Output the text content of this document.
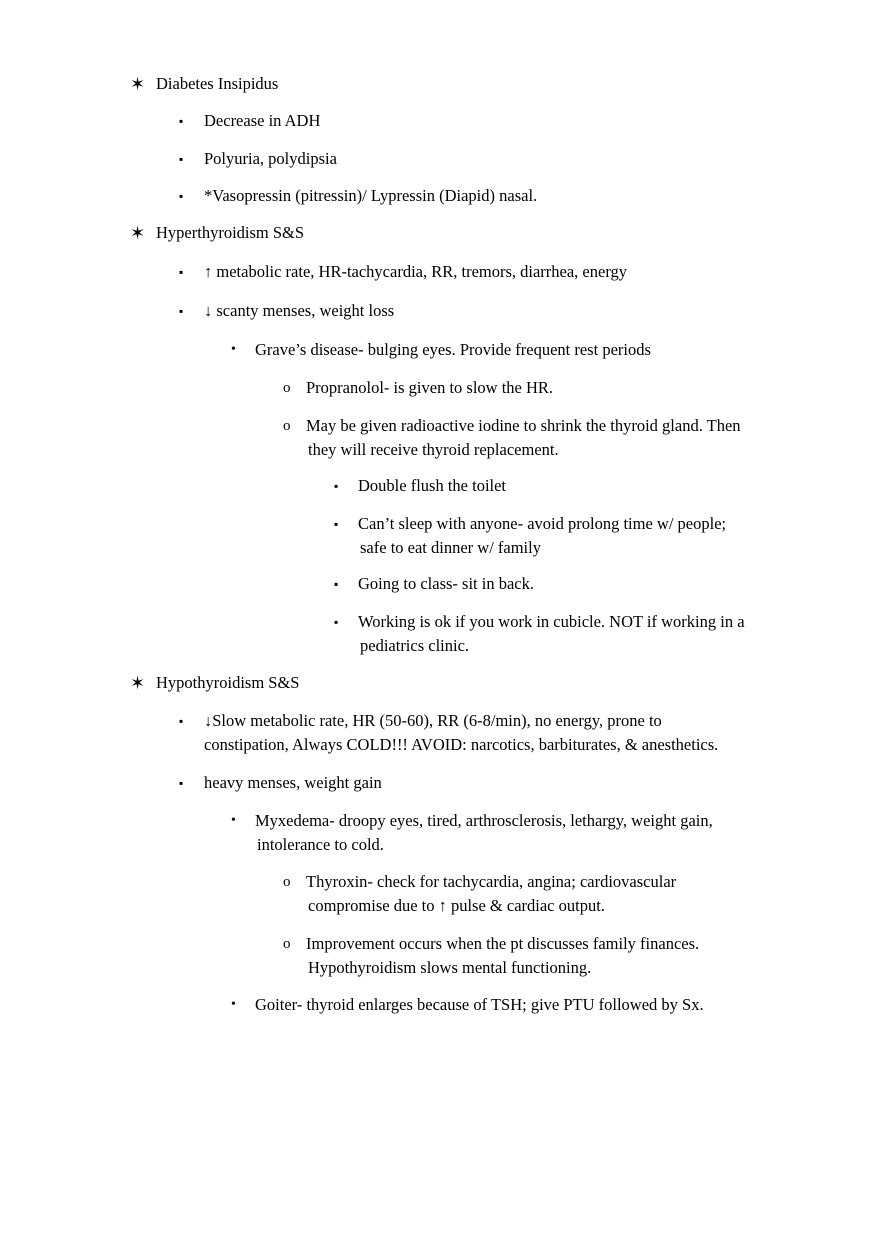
✶ Diabetes Insipidus
▪	Decrease in ADH
▪	Polyuria, polydipsia
▪	*Vasopressin (pitressin)/ Lypressin (Diapid) nasal.
✶ Hyperthyroidism S&S
▪	↑ metabolic rate, HR-tachycardia, RR, tremors, diarrhea, energy
▪	↓ scanty menses, weight loss
•	Grave’s disease- bulging eyes. Provide frequent rest periods
o Propranolol- is given to slow the HR.
o May be given radioactive iodine to shrink the thyroid gland. Then
they will receive thyroid replacement.
▪	Double flush the toilet
▪	Can’t sleep with anyone- avoid prolong time w/ people;
safe to eat dinner w/ family
▪	Going to class- sit in back.
▪	Working is ok if you work in cubicle. NOT if working in a
pediatrics clinic.
✶ Hypothyroidism S&S
▪	↓Slow metabolic rate, HR (50-60), RR (6-8/min), no energy, prone to
constipation, Always COLD!!! AVOID: narcotics, barbiturates, & anesthetics.
▪	heavy menses, weight gain
•	Myxedema- droopy eyes, tired, arthrosclerosis, lethargy, weight gain,
intolerance to cold.
o Thyroxin- check for tachycardia, angina; cardiovascular
compromise due to ↑ pulse & cardiac output.
o Improvement occurs when the pt discusses family finances.
Hypothyroidism slows mental functioning.
•	Goiter- thyroid enlarges because of TSH; give PTU followed by Sx.
